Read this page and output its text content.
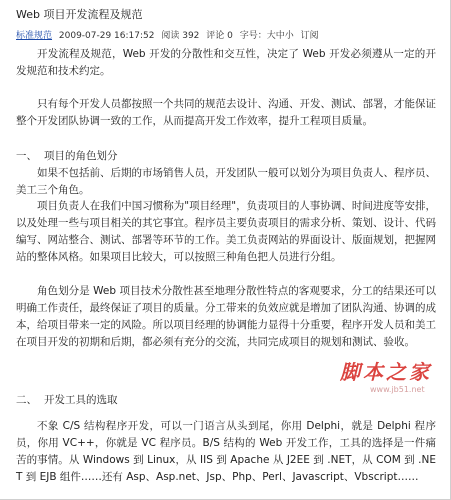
Web 项目开发流程及规范
标准规范 2009-07-29 16:17:52 阅读 392 评论 0 字号：大中小 订阅

开发流程及规范，Web 开发的分散性和交互性，决定了 Web 开发必须遵从一定的开发规范和技术约定。

只有每个开发人员都按照一个共同的规范去设计、沟通、开发、测试、部署，才能保证整个开发团队协调一致的工作，从而提高开发工作效率，提升工程项目质量。

一、 项目的角色划分

如果不包括前、后期的市场销售人员，开发团队一般可以划分为项目负责人、程序员、美工三个角色。

项目负责人在我们中国习惯称为"项目经理"，负责项目的人事协调、时间进度等安排，以及处理一些与项目相关的其它事宜。程序员主要负责项目的需求分析、策划、设计、代码编写、网站整合、测试、部署等环节的工作。美工负责网站的界面设计、版面规划，把握网站的整体风格。如果项目比较大，可以按照三种角色把人员进行分组。

角色划分是 Web 项目技术分散性甚至地理分散性特点的客观要求，分工的结果还可以明确工作责任，最终保证了项目的质量。分工带来的负效应就是增加了团队沟通、协调的成本，给项目带来一定的风险。所以项目经理的协调能力显得十分重要，程序开发人员和美工在项目开发的初期和后期，都必须有充分的交流，共同完成项目的规划和测试、验收。

二、 开发工具的选取

不象 C/S 结构程序开发，可以一门语言从头到尾，你用 Delphi，就是 Delphi 程序员，你用 VC++，你就是 VC 程序员。B/S 结构的 Web 开发工作，工具的选择是一件痛苦的事情。从 Windows 到 Linux，从 IIS 到 Apache 从 J2EE 到 .NET，从 COM 到 .NET 到 EJB 组件……还有 Asp、Asp.net、Jsp、Php、Perl、Javascript、Vbscript……

脚本之家
www.jb51.net
